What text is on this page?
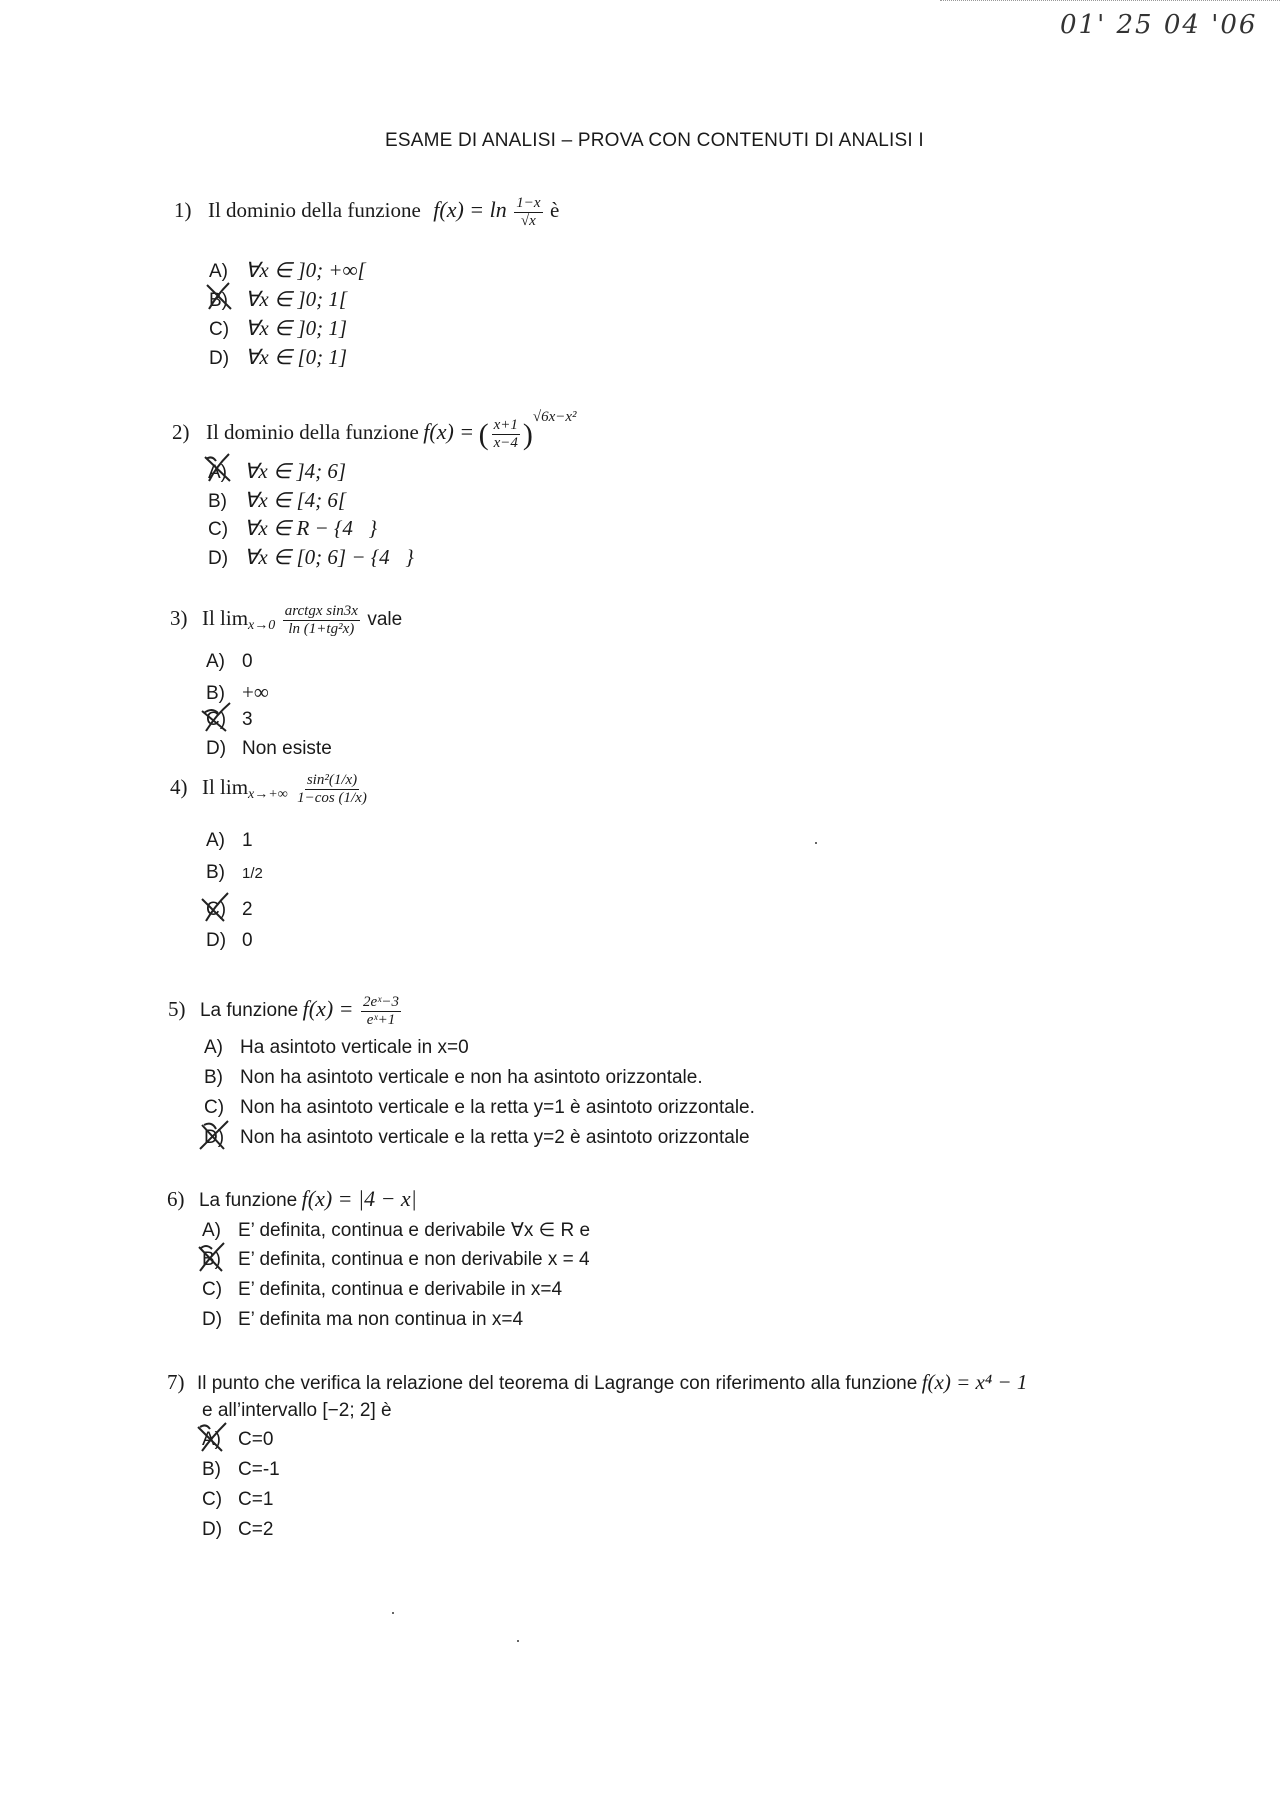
01' 25 04 '06
ESAME DI ANALISI – PROVA CON CONTENUTI DI ANALISI I
1) Il dominio della funzione $f(x) = \ln \frac{1-x}{√x}$ è
A) ∀x ∈ ]0; +∞[
B) ∀x ∈ ]0; 1[
C) ∀x ∈ ]0; 1]
D) ∀x ∈ [0; 1]
2) Il dominio della funzione f(x) = ( $\frac{x+1}{x-4} )^{√6x-x^2}$
A) ∀x ∈ ]4; 6]
B) ∀x ∈ [4; 6[
C) ∀x ∈ R − {4   }
D) ∀x ∈ [0; 6] − {4   }
3) Il $\lim_{x\to 0} \frac{\text{arctgx sin3x}}{\text{ln (1+tg²x)}}$ vale
A) 0
B) +∞
C) 3
D) Non esiste
4) Il $\lim_{x\to+\infty} \frac{\text{sin²(1/x)}}{1-\cos (1/x)}$
A) 1
B) 1/2
C) 2
D) 0
5) La funzione $f(x) = \frac{\text{2eˣ−3}}{\text{eˣ+1}}$
A) Ha asintoto verticale in x=0
B) Non ha asintoto verticale e non ha asintoto orizzontale.
C) Non ha asintoto verticale e la retta y=1 è asintoto orizzontale.
D) Non ha asintoto verticale e la retta y=2 è asintoto orizzontale
6) La funzione f(x) = |4 − x|
A) E’ definita, continua e derivabile ∀x ∈ R e
B) E’ definita, continua e non derivabile x = 4
C) E’ definita, continua e derivabile in x=4
D) E’ definita ma non continua in x=4
7) Il punto che verifica la relazione del teorema di Lagrange con riferimento alla funzione f(x) = x⁴ − 1
e all’intervallo [−2; 2] è
A) C=0
B) C=-1
C) C=1
D) C=2
